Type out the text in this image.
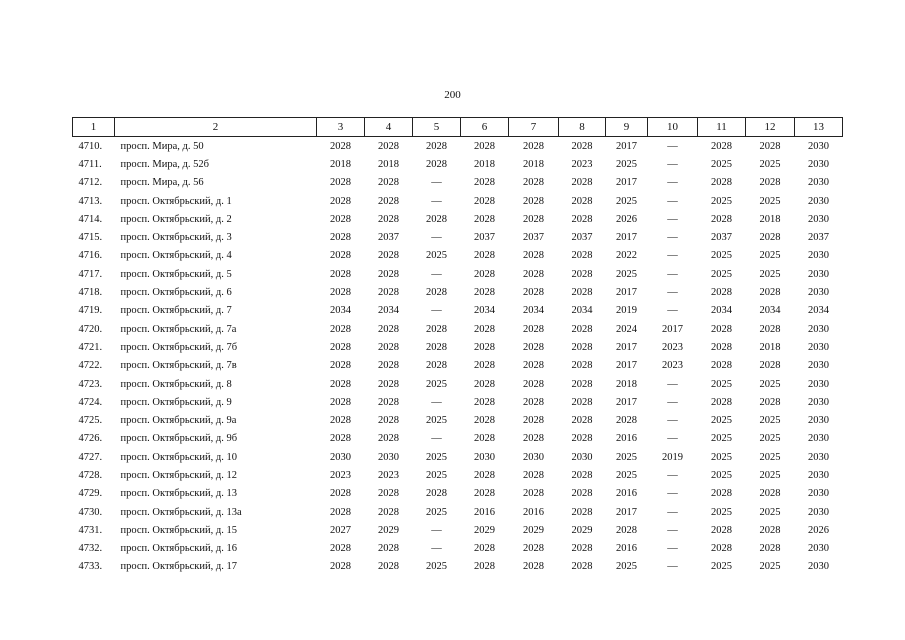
200
1	2	3	4	5	6	7	8	9	10	11	12	13
4710.	просп. Мира, д. 50	2028	2028	2028	2028	2028	2028	2017	—	2028	2028	2030
4711.	просп. Мира, д. 52б	2018	2018	2028	2018	2018	2023	2025	—	2025	2025	2030
4712.	просп. Мира, д. 56	2028	2028	—	2028	2028	2028	2017	—	2028	2028	2030
4713.	просп. Октябрьский, д. 1	2028	2028	—	2028	2028	2028	2025	—	2025	2025	2030
4714.	просп. Октябрьский, д. 2	2028	2028	2028	2028	2028	2028	2026	—	2028	2018	2030
4715.	просп. Октябрьский, д. 3	2028	2037	—	2037	2037	2037	2017	—	2037	2028	2037
4716.	просп. Октябрьский, д. 4	2028	2028	2025	2028	2028	2028	2022	—	2025	2025	2030
4717.	просп. Октябрьский, д. 5	2028	2028	—	2028	2028	2028	2025	—	2025	2025	2030
4718.	просп. Октябрьский, д. 6	2028	2028	2028	2028	2028	2028	2017	—	2028	2028	2030
4719.	просп. Октябрьский, д. 7	2034	2034	—	2034	2034	2034	2019	—	2034	2034	2034
4720.	просп. Октябрьский, д. 7а	2028	2028	2028	2028	2028	2028	2024	2017	2028	2028	2030
4721.	просп. Октябрьский, д. 7б	2028	2028	2028	2028	2028	2028	2017	2023	2028	2018	2030
4722.	просп. Октябрьский, д. 7в	2028	2028	2028	2028	2028	2028	2017	2023	2028	2028	2030
4723.	просп. Октябрьский, д. 8	2028	2028	2025	2028	2028	2028	2018	—	2025	2025	2030
4724.	просп. Октябрьский, д. 9	2028	2028	—	2028	2028	2028	2017	—	2028	2028	2030
4725.	просп. Октябрьский, д. 9а	2028	2028	2025	2028	2028	2028	2028	—	2025	2025	2030
4726.	просп. Октябрьский, д. 9б	2028	2028	—	2028	2028	2028	2016	—	2025	2025	2030
4727.	просп. Октябрьский, д. 10	2030	2030	2025	2030	2030	2030	2025	2019	2025	2025	2030
4728.	просп. Октябрьский, д. 12	2023	2023	2025	2028	2028	2028	2025	—	2025	2025	2030
4729.	просп. Октябрьский, д. 13	2028	2028	2028	2028	2028	2028	2016	—	2028	2028	2030
4730.	просп. Октябрьский, д. 13а	2028	2028	2025	2016	2016	2028	2017	—	2025	2025	2030
4731.	просп. Октябрьский, д. 15	2027	2029	—	2029	2029	2029	2028	—	2028	2028	2026
4732.	просп. Октябрьский, д. 16	2028	2028	—	2028	2028	2028	2016	—	2028	2028	2030
4733.	просп. Октябрьский, д. 17	2028	2028	2025	2028	2028	2028	2025	—	2025	2025	2030
